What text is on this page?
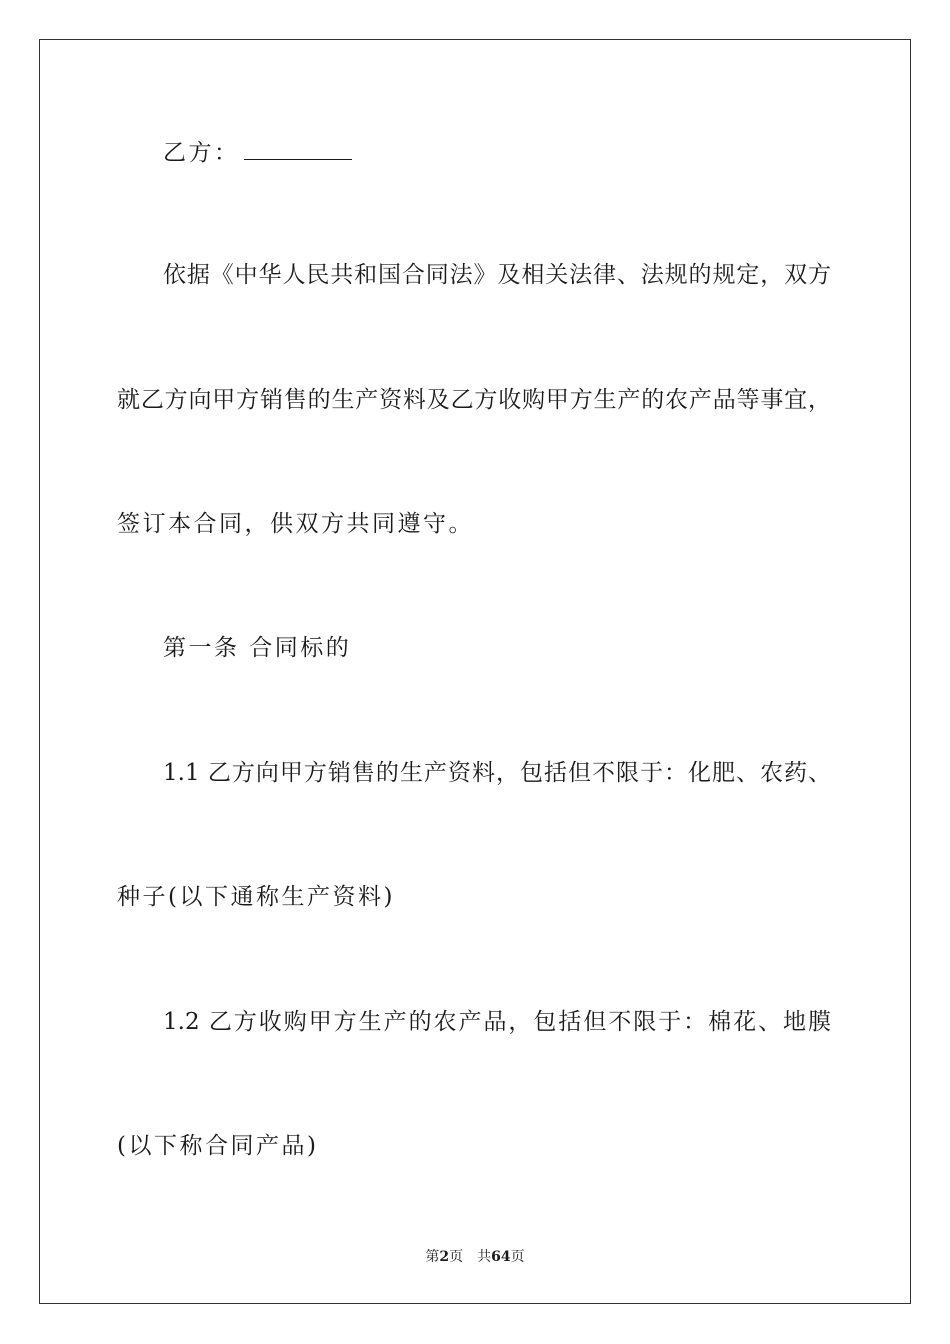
乙方：
依据《中华人民共和国合同法》及相关法律、法规的规定，双方
就乙方向甲方销售的生产资料及乙方收购甲方生产的农产品等事宜，
签订本合同，供双方共同遵守。
第一条 合同标的
1.1 乙方向甲方销售的生产资料，包括但不限于：化肥、农药、
种子(以下通称生产资料)
1.2 乙方收购甲方生产的农产品，包括但不限于：棉花、地膜
(以下称合同产品)
第2页 共64页
